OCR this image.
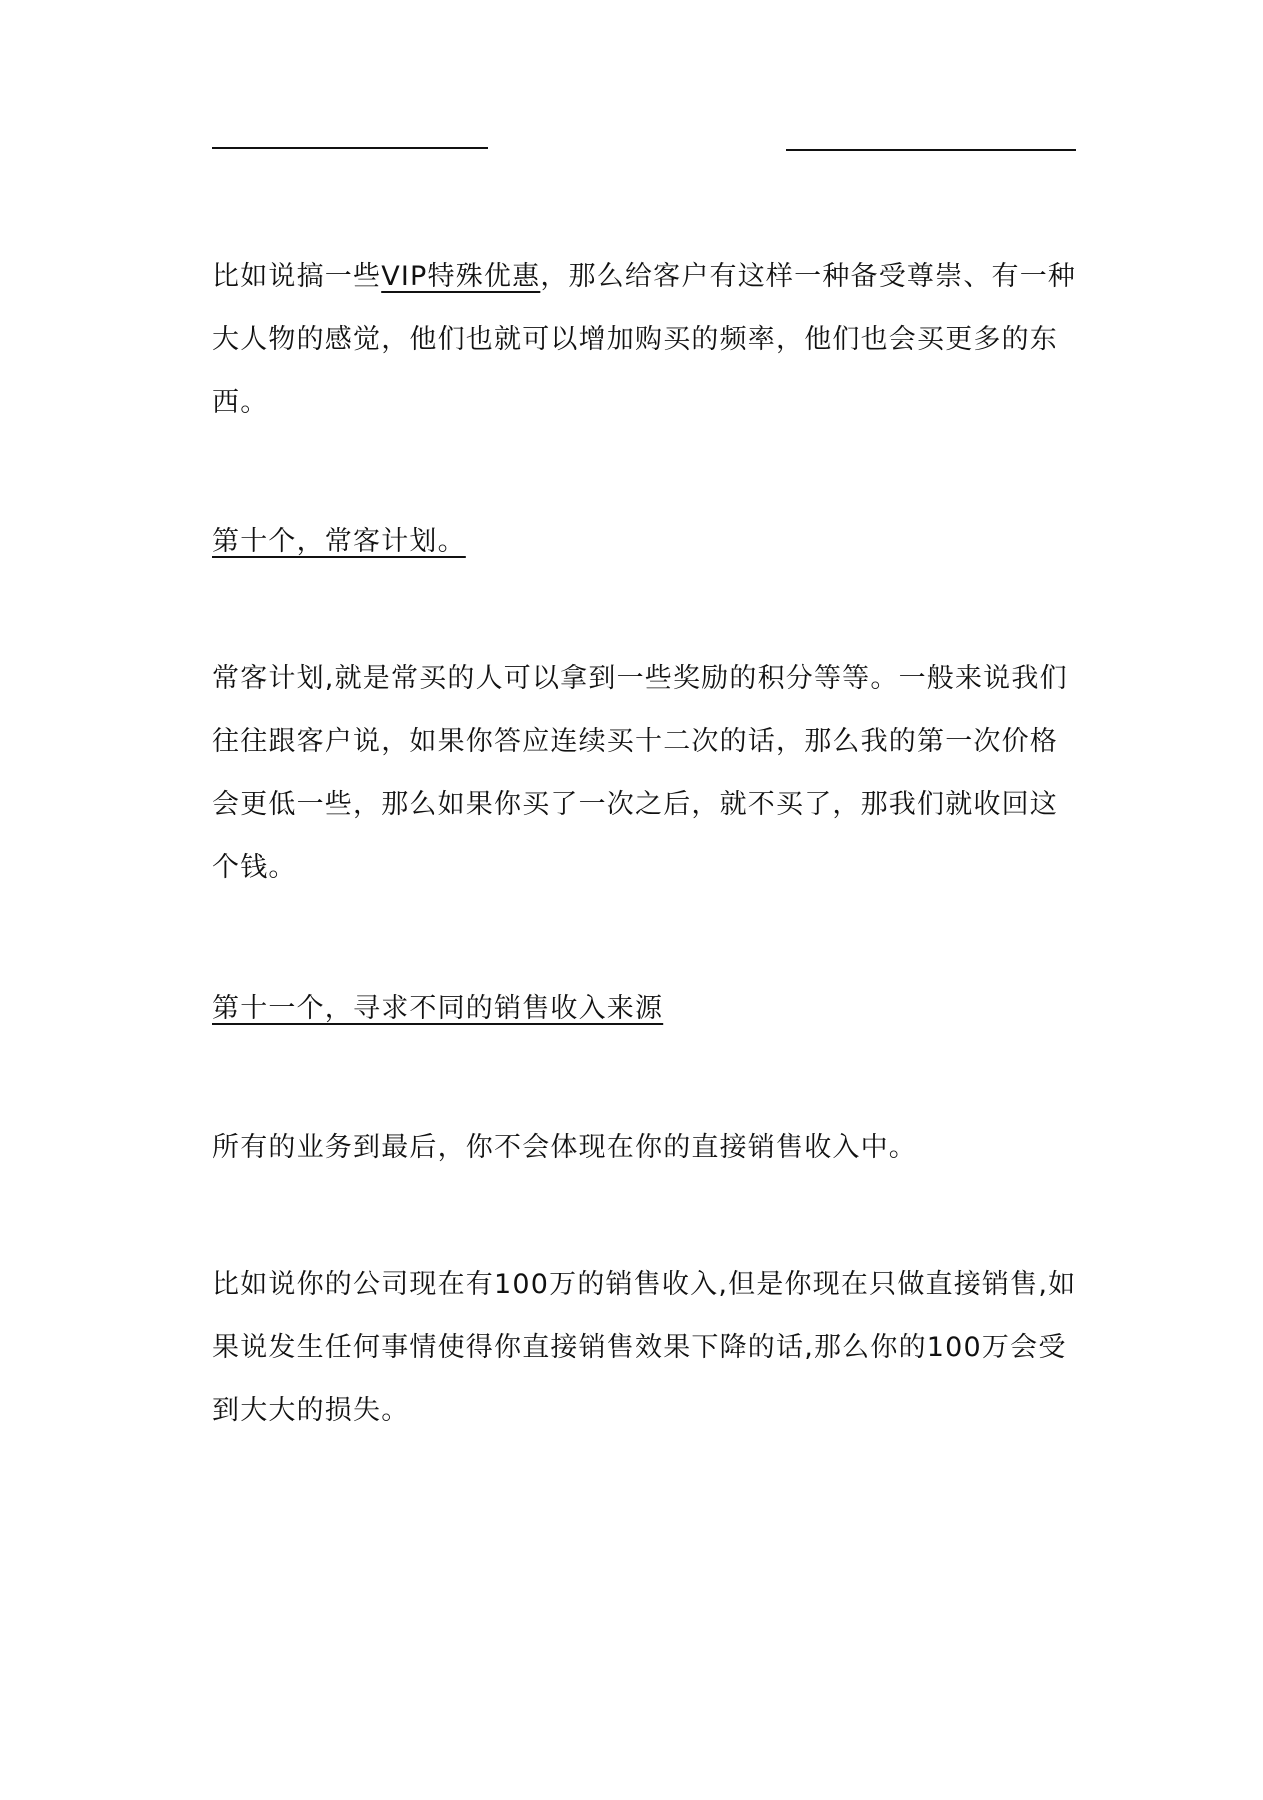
比如说搞一些VIP特殊优惠，那么给客户有这样一种备受尊崇、有一种大人物的感觉，他们也就可以增加购买的频率，他们也会买更多的东西。

第十个，常客计划。

常客计划,就是常买的人可以拿到一些奖励的积分等等。一般来说我们往往跟客户说，如果你答应连续买十二次的话，那么我的第一次价格会更低一些，那么如果你买了一次之后，就不买了，那我们就收回这个钱。

第十一个，寻求不同的销售收入来源

所有的业务到最后，你不会体现在你的直接销售收入中。

比如说你的公司现在有100万的销售收入,但是你现在只做直接销售,如果说发生任何事情使得你直接销售效果下降的话,那么你的100万会受到大大的损失。
